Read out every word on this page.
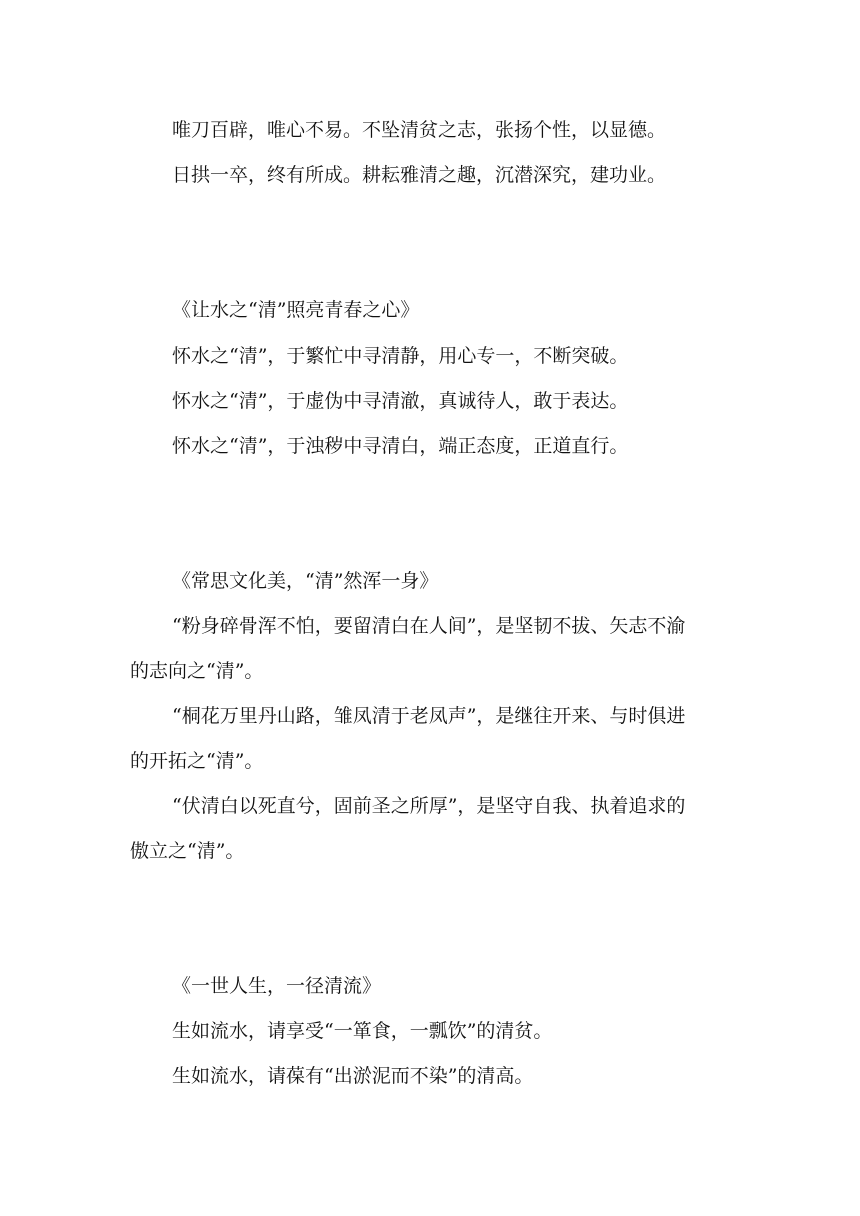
唯刀百辟，唯心不易。不坠清贫之志，张扬个性，以显德。
日拱一卒，终有所成。耕耘雅清之趣，沉潜深究，建功业。
《让水之“清”照亮青春之心》
怀水之“清”，于繁忙中寻清静，用心专一，不断突破。
怀水之“清”，于虚伪中寻清澈，真诚待人，敢于表达。
怀水之“清”，于浊秽中寻清白，端正态度，正道直行。
《常思文化美，“清”然浑一身》
“粉身碎骨浑不怕，要留清白在人间”，是坚韧不拔、矢志不渝
的志向之“清”。
“桐花万里丹山路，雏凤清于老凤声”，是继往开来、与时俱进
的开拓之“清”。
“伏清白以死直兮，固前圣之所厚”，是坚守自我、执着追求的
傲立之“清”。
《一世人生，一径清流》
生如流水，请享受“一箪食，一瓢饮”的清贫。
生如流水，请葆有“出淤泥而不染”的清高。
